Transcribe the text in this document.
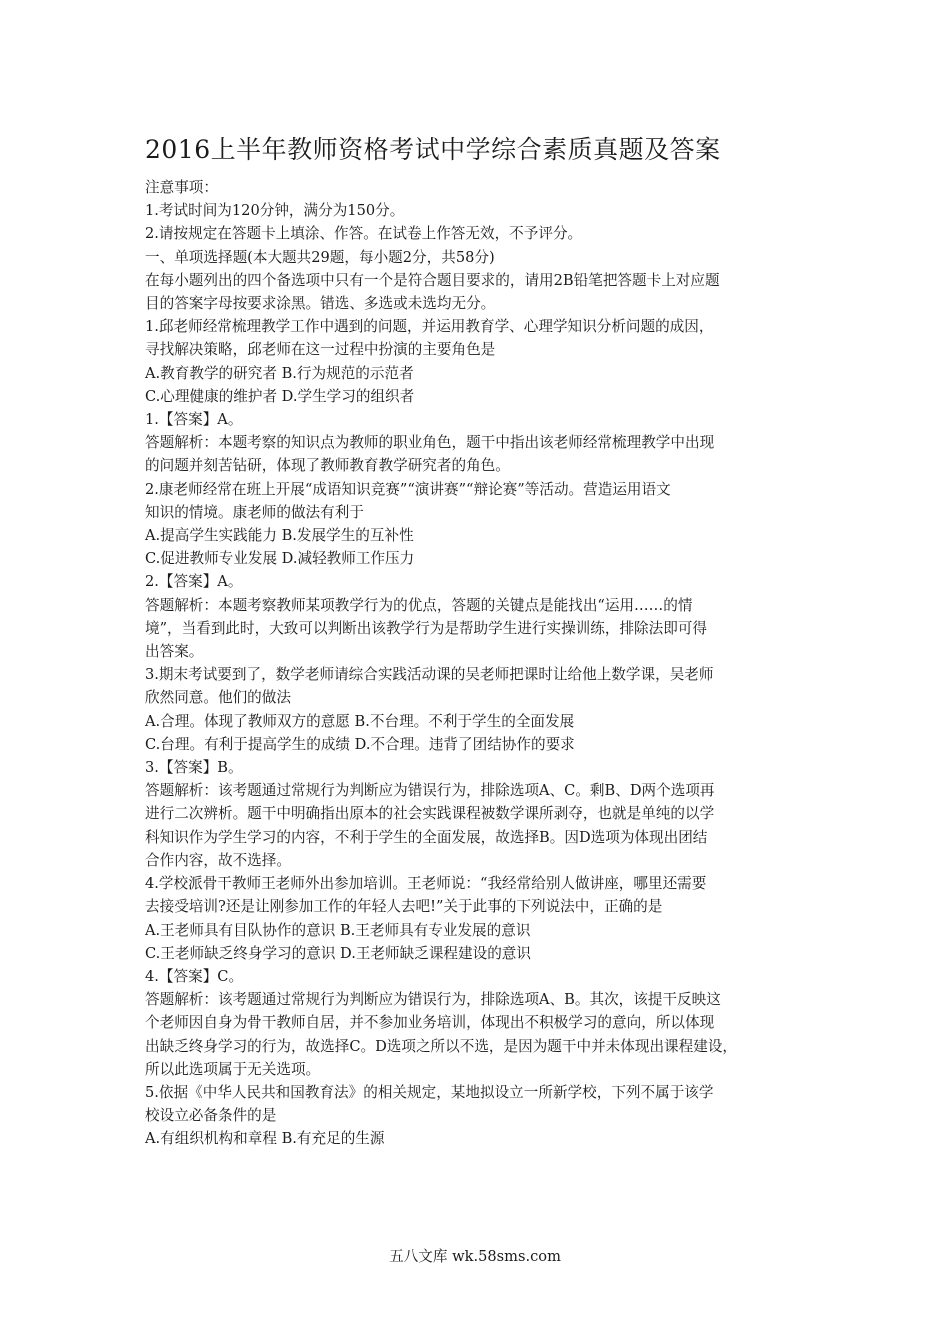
2016上半年教师资格考试中学综合素质真题及答案
注意事项：
1.考试时间为120分钟，满分为150分。
2.请按规定在答题卡上填涂、作答。在试卷上作答无效，不予评分。
一、单项选择题(本大题共29题，每小题2分，共58分)
在每小题列出的四个备选项中只有一个是符合题目要求的，请用2B铅笔把答题卡上对应题
目的答案字母按要求涂黑。错选、多选或未选均无分。
1.邱老师经常梳理教学工作中遇到的问题，并运用教育学、心理学知识分析问题的成因，
寻找解决策略，邱老师在这一过程中扮演的主要角色是
A.教育教学的研究者 B.行为规范的示范者
C.心理健康的维护者 D.学生学习的组织者
1.【答案】A。
答题解析：本题考察的知识点为教师的职业角色，题干中指出该老师经常梳理教学中出现
的问题并刻苦钻研，体现了教师教育教学研究者的角色。
2.康老师经常在班上开展“成语知识竞赛”“演讲赛”“辩论赛”等活动。营造运用语文
知识的情境。康老师的做法有利于
A.提高学生实践能力 B.发展学生的互补性
C.促进教师专业发展 D.减轻教师工作压力
2.【答案】A。
答题解析：本题考察教师某项教学行为的优点，答题的关键点是能找出“运用……的情
境”，当看到此时，大致可以判断出该教学行为是帮助学生进行实操训练，排除法即可得
出答案。
3.期末考试要到了，数学老师请综合实践活动课的吴老师把课时让给他上数学课，吴老师
欣然同意。他们的做法
A.合理。体现了教师双方的意愿 B.不台理。不利于学生的全面发展
C.台理。有利于提高学生的成绩 D.不合理。违背了团结协作的要求
3.【答案】B。
答题解析：该考题通过常规行为判断应为错误行为，排除选项A、C。剩B、D两个选项再
进行二次辨析。题干中明确指出原本的社会实践课程被数学课所剥夺，也就是单纯的以学
科知识作为学生学习的内容，不利于学生的全面发展，故选择B。因D选项为体现出团结
合作内容，故不选择。
4.学校派骨干教师王老师外出参加培训。王老师说：“我经常给别人做讲座，哪里还需要
去接受培训?还是让刚参加工作的年轻人去吧!”关于此事的下列说法中，正确的是
A.王老师具有目队协作的意识 B.王老师具有专业发展的意识
C.王老师缺乏终身学习的意识 D.王老师缺乏课程建设的意识
4.【答案】C。
答题解析：该考题通过常规行为判断应为错误行为，排除选项A、B。其次，该提干反映这
个老师因自身为骨干教师自居，并不参加业务培训，体现出不积极学习的意向，所以体现
出缺乏终身学习的行为，故选择C。D选项之所以不选，是因为题干中并未体现出课程建设，
所以此选项属于无关选项。
5.依据《中华人民共和国教育法》的相关规定，某地拟设立一所新学校，下列不属于该学
校设立必备条件的是
A.有组织机构和章程 B.有充足的生源
五八文库 wk.58sms.com
